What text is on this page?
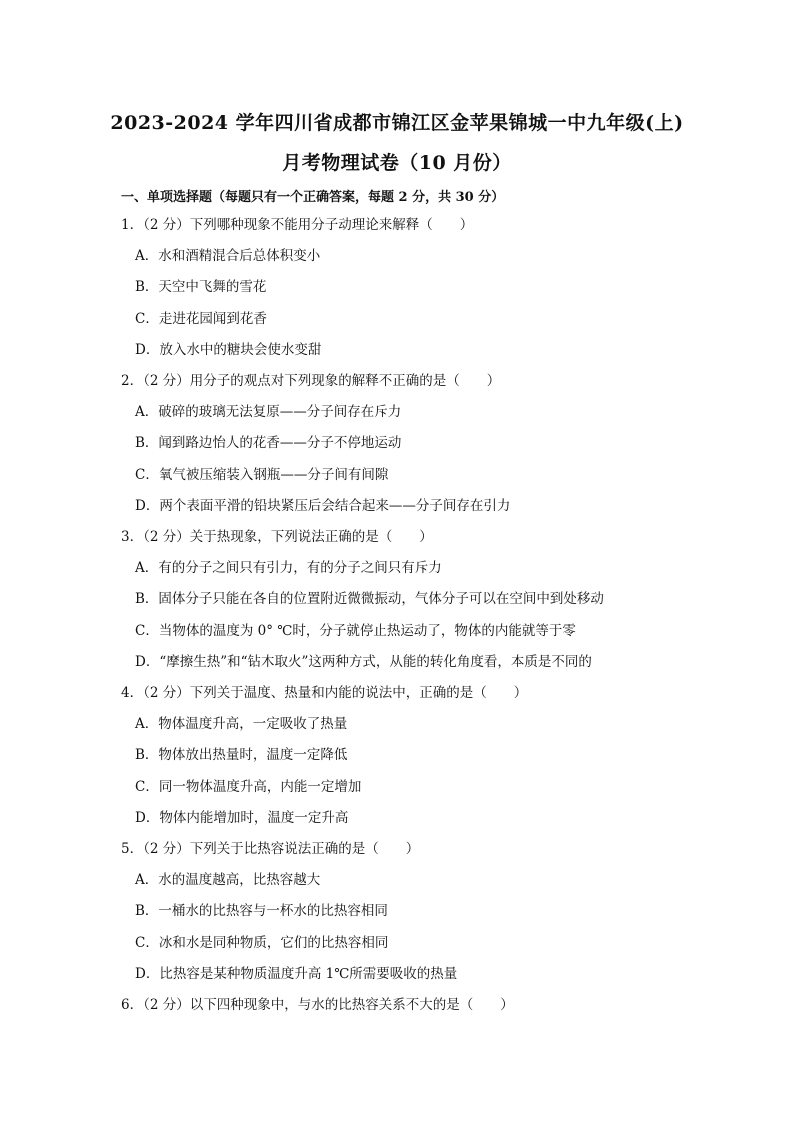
2023-2024 学年四川省成都市锦江区金苹果锦城一中九年级(上)
月考物理试卷（10 月份）
一、单项选择题（每题只有一个正确答案，每题 2 分，共 30 分）
1．（2 分）下列哪种现象不能用分子动理论来解释（　　）
A．水和酒精混合后总体积变小
B．天空中飞舞的雪花
C．走进花园闻到花香
D．放入水中的糖块会使水变甜
2．（2 分）用分子的观点对下列现象的解释不正确的是（　　）
A．破碎的玻璃无法复原——分子间存在斥力
B．闻到路边怡人的花香——分子不停地运动
C．氧气被压缩装入钢瓶——分子间有间隙
D．两个表面平滑的铅块紧压后会结合起来——分子间存在引力
3．（2 分）关于热现象，下列说法正确的是（　　）
A．有的分子之间只有引力，有的分子之间只有斥力
B．固体分子只能在各自的位置附近微微振动，气体分子可以在空间中到处移动
C．当物体的温度为 0° ℃时，分子就停止热运动了，物体的内能就等于零
D．“摩擦生热”和“钻木取火”这两种方式，从能的转化角度看，本质是不同的
4．（2 分）下列关于温度、热量和内能的说法中，正确的是（　　）
A．物体温度升高，一定吸收了热量
B．物体放出热量时，温度一定降低
C．同一物体温度升高，内能一定增加
D．物体内能增加时，温度一定升高
5．（2 分）下列关于比热容说法正确的是（　　）
A．水的温度越高，比热容越大
B．一桶水的比热容与一杯水的比热容相同
C．冰和水是同种物质，它们的比热容相同
D．比热容是某种物质温度升高 1℃所需要吸收的热量
6．（2 分）以下四种现象中，与水的比热容关系不大的是（　　）
